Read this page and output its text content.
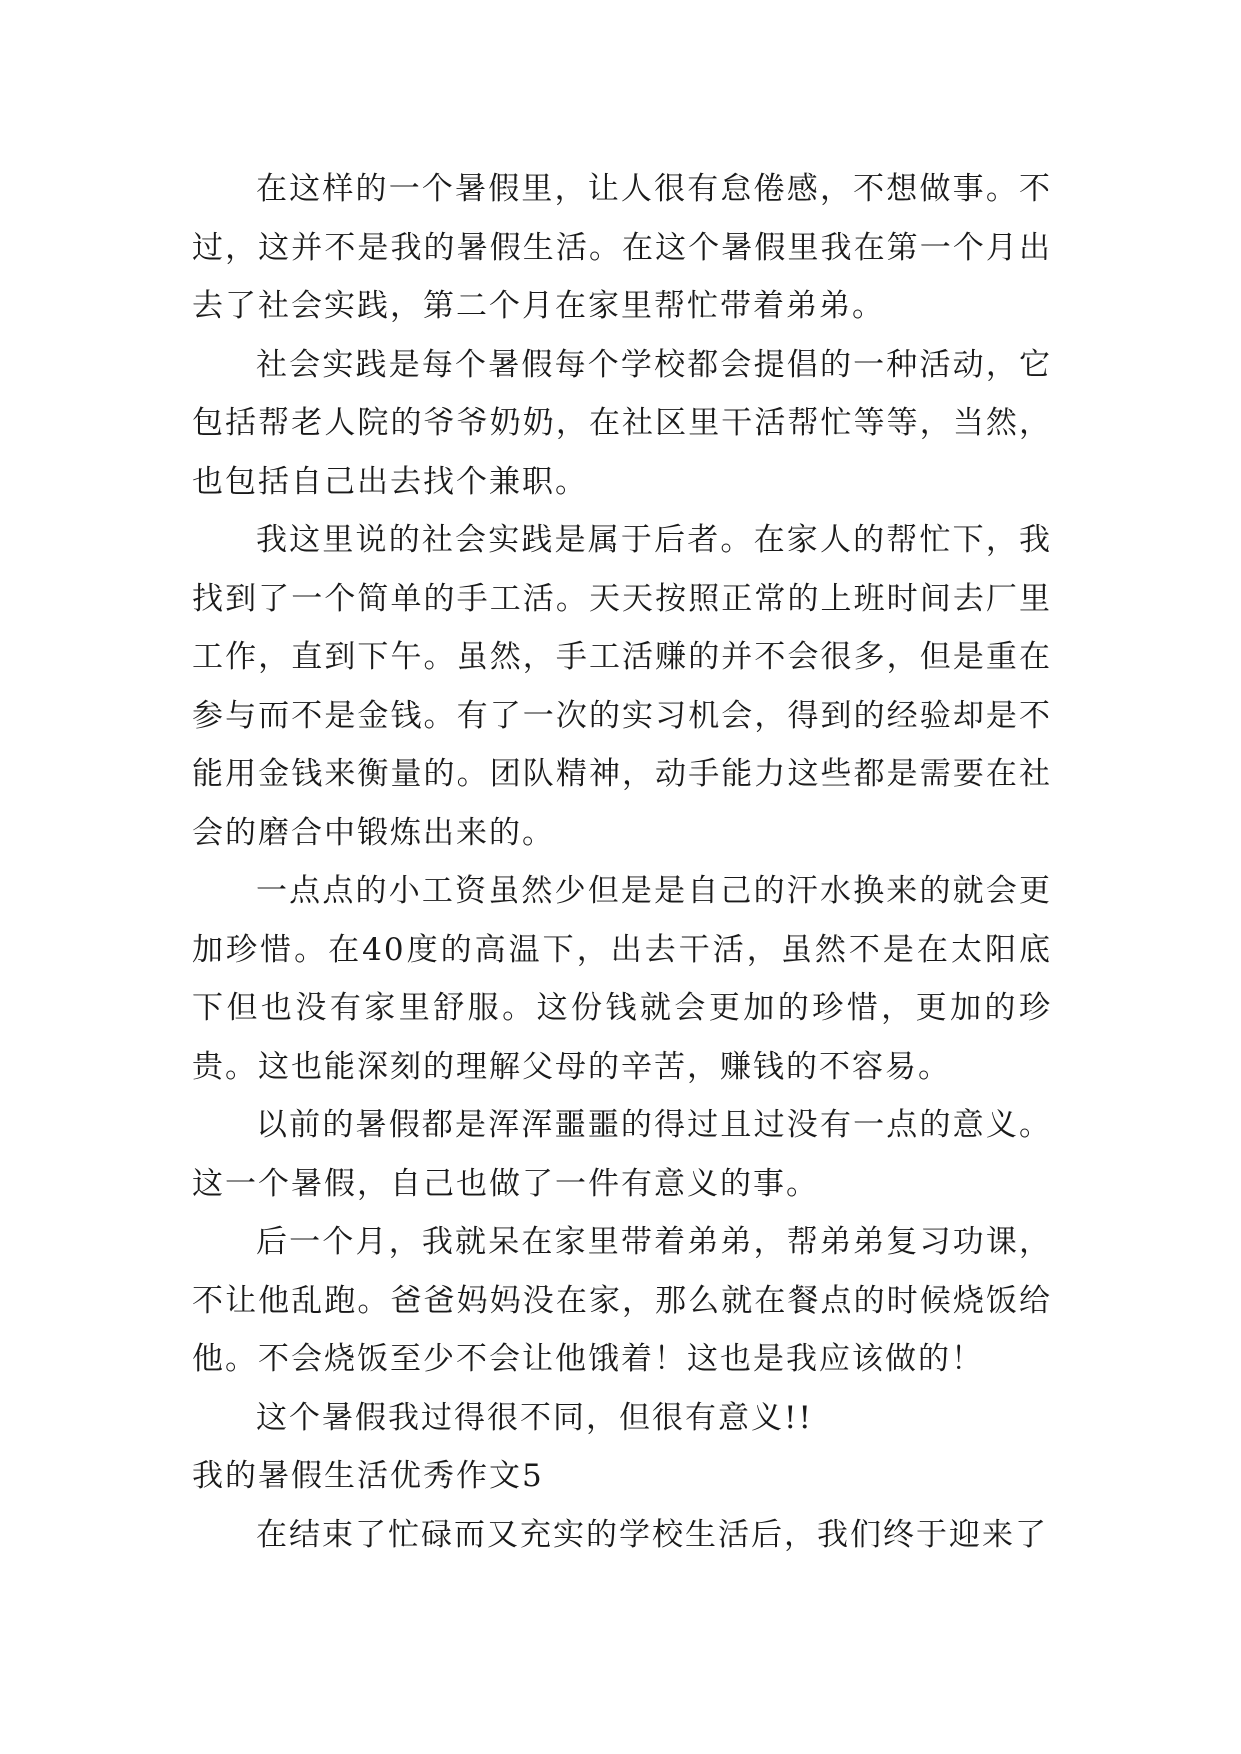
在这样的一个暑假里，让人很有怠倦感，不想做事。不过，这并不是我的暑假生活。在这个暑假里我在第一个月出去了社会实践，第二个月在家里帮忙带着弟弟。

社会实践是每个暑假每个学校都会提倡的一种活动，它包括帮老人院的爷爷奶奶，在社区里干活帮忙等等，当然，也包括自己出去找个兼职。

我这里说的社会实践是属于后者。在家人的帮忙下，我找到了一个简单的手工活。天天按照正常的上班时间去厂里工作，直到下午。虽然，手工活赚的并不会很多，但是重在参与而不是金钱。有了一次的实习机会，得到的经验却是不能用金钱来衡量的。团队精神，动手能力这些都是需要在社会的磨合中锻炼出来的。

一点点的小工资虽然少但是是自己的汗水换来的就会更加珍惜。在40度的高温下，出去干活，虽然不是在太阳底下但也没有家里舒服。这份钱就会更加的珍惜，更加的珍贵。这也能深刻的理解父母的辛苦，赚钱的不容易。

以前的暑假都是浑浑噩噩的得过且过没有一点的意义。这一个暑假，自己也做了一件有意义的事。

后一个月，我就呆在家里带着弟弟，帮弟弟复习功课，不让他乱跑。爸爸妈妈没在家，那么就在餐点的时候烧饭给他。不会烧饭至少不会让他饿着！这也是我应该做的！

这个暑假我过得很不同，但很有意义!!

我的暑假生活优秀作文5

在结束了忙碌而又充实的学校生活后，我们终于迎来了
